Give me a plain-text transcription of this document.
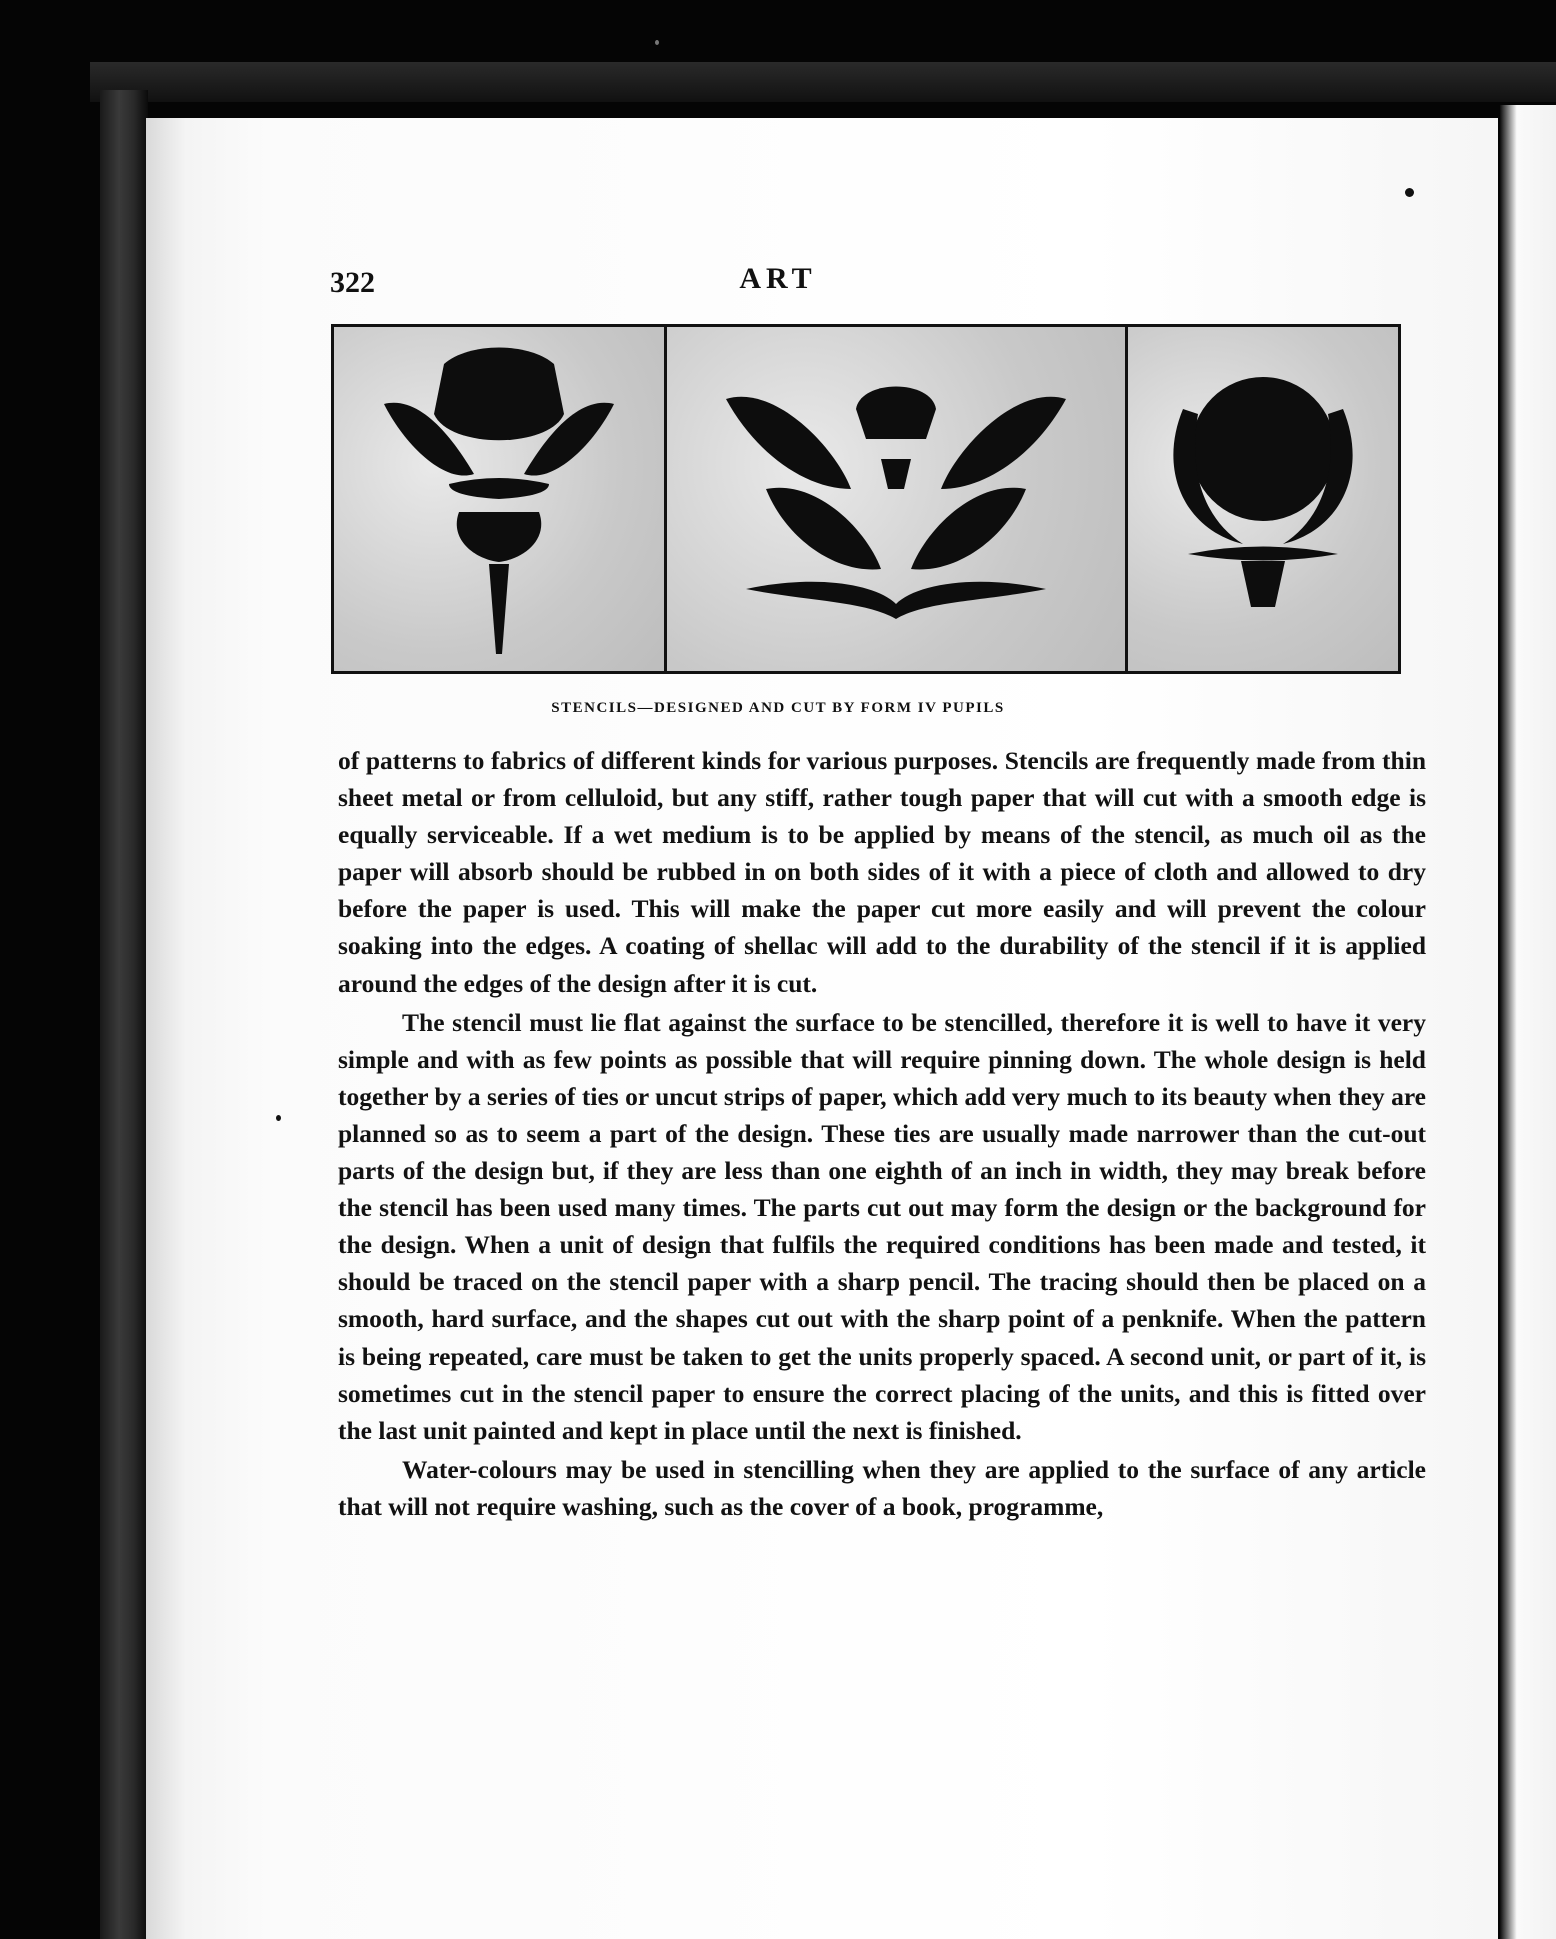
322	ART
STENCILS—DESIGNED AND CUT BY FORM IV PUPILS

of patterns to fabrics of different kinds for various purposes. Stencils are frequently made from thin sheet metal or from celluloid, but any stiff, rather tough paper that will cut with a smooth edge is equally serviceable. If a wet medium is to be applied by means of the stencil, as much oil as the paper will absorb should be rubbed in on both sides of it with a piece of cloth and allowed to dry before the paper is used. This will make the paper cut more easily and will prevent the colour soaking into the edges. A coating of shellac will add to the durability of the stencil if it is applied around the edges of the design after it is cut.

The stencil must lie flat against the surface to be stencilled, therefore it is well to have it very simple and with as few points as possible that will require pinning down. The whole design is held together by a series of ties or uncut strips of paper, which add very much to its beauty when they are planned so as to seem a part of the design. These ties are usually made narrower than the cut-out parts of the design but, if they are less than one eighth of an inch in width, they may break before the stencil has been used many times. The parts cut out may form the design or the background for the design. When a unit of design that fulfils the required conditions has been made and tested, it should be traced on the stencil paper with a sharp pencil. The tracing should then be placed on a smooth, hard surface, and the shapes cut out with the sharp point of a penknife. When the pattern is being repeated, care must be taken to get the units properly spaced. A second unit, or part of it, is sometimes cut in the stencil paper to ensure the correct placing of the units, and this is fitted over the last unit painted and kept in place until the next is finished.

Water-colours may be used in stencilling when they are applied to the surface of any article that will not require washing, such as the cover of a book, programme,
